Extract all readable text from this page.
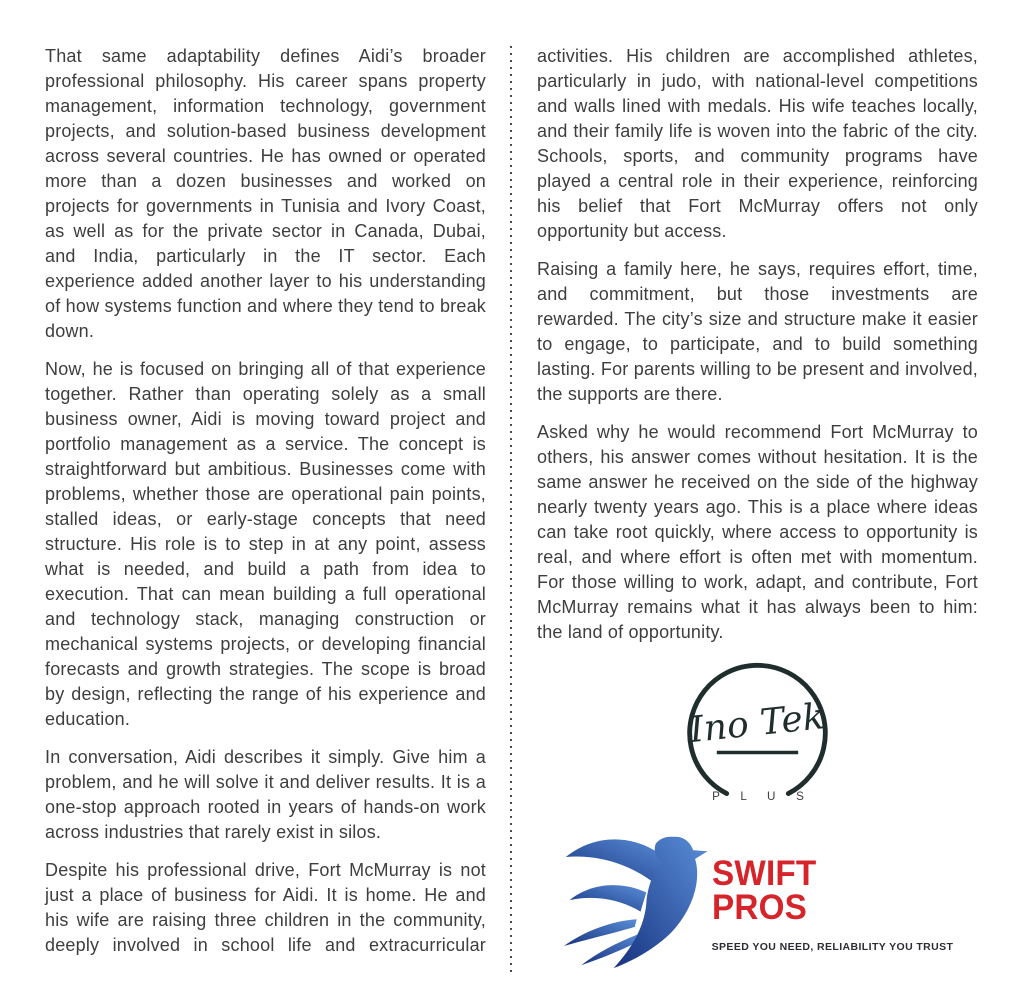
That same adaptability defines Aidi’s broader professional philosophy. His career spans property management, information technology, government projects, and solution-based business development across several countries. He has owned or operated more than a dozen businesses and worked on projects for governments in Tunisia and Ivory Coast, as well as for the private sector in Canada, Dubai, and India, particularly in the IT sector. Each experience added another layer to his understanding of how systems function and where they tend to break down.

Now, he is focused on bringing all of that experience together. Rather than operating solely as a small business owner, Aidi is moving toward project and portfolio management as a service. The concept is straightforward but ambitious. Businesses come with problems, whether those are operational pain points, stalled ideas, or early-stage concepts that need structure. His role is to step in at any point, assess what is needed, and build a path from idea to execution. That can mean building a full operational and technology stack, managing construction or mechanical systems projects, or developing financial forecasts and growth strategies. The scope is broad by design, reflecting the range of his experience and education.

In conversation, Aidi describes it simply. Give him a problem, and he will solve it and deliver results. It is a one-stop approach rooted in years of hands-on work across industries that rarely exist in silos.

Despite his professional drive, Fort McMurray is not just a place of business for Aidi. It is home. He and his wife are raising three children in the community, deeply involved in school life and extracurricular

activities. His children are accomplished athletes, particularly in judo, with national-level competitions and walls lined with medals. His wife teaches locally, and their family life is woven into the fabric of the city. Schools, sports, and community programs have played a central role in their experience, reinforcing his belief that Fort McMurray offers not only opportunity but access.

Raising a family here, he says, requires effort, time, and commitment, but those investments are rewarded. The city’s size and structure make it easier to engage, to participate, and to build something lasting. For parents willing to be present and involved, the supports are there.

Asked why he would recommend Fort McMurray to others, his answer comes without hesitation. It is the same answer he received on the side of the highway nearly twenty years ago. This is a place where ideas can take root quickly, where access to opportunity is real, and where effort is often met with momentum. For those willing to work, adapt, and contribute, Fort McMurray remains what it has always been to him: the land of opportunity.

Ino Tek
P L U S
SWIFT
PROS
SPEED YOU NEED, RELIABILITY YOU TRUST
